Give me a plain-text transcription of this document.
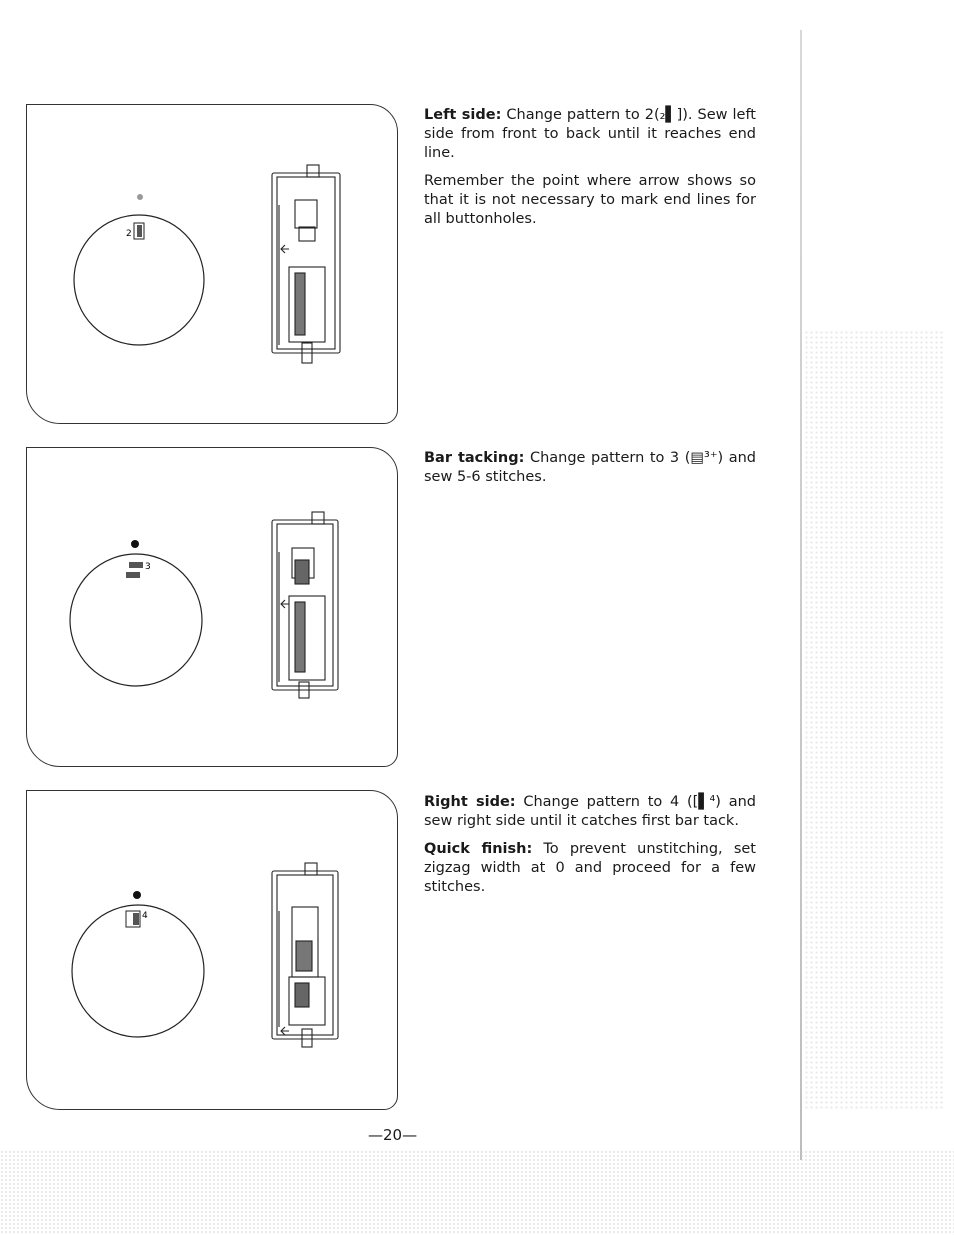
2

Left side: Change pattern to 2(₂▌]). Sew left side from front to back until it reaches end line.

Remember the point where arrow shows so that it is not necessary to mark end lines for all buttonholes.

3

Bar tacking: Change pattern to 3 (▤³⁺) and sew 5-6 stitches.

4

Right side: Change pattern to 4 ([▌⁴) and sew right side until it catches first bar tack.

Quick finish: To prevent unstitching, set zigzag width at 0 and proceed for a few stitches.

—20—
